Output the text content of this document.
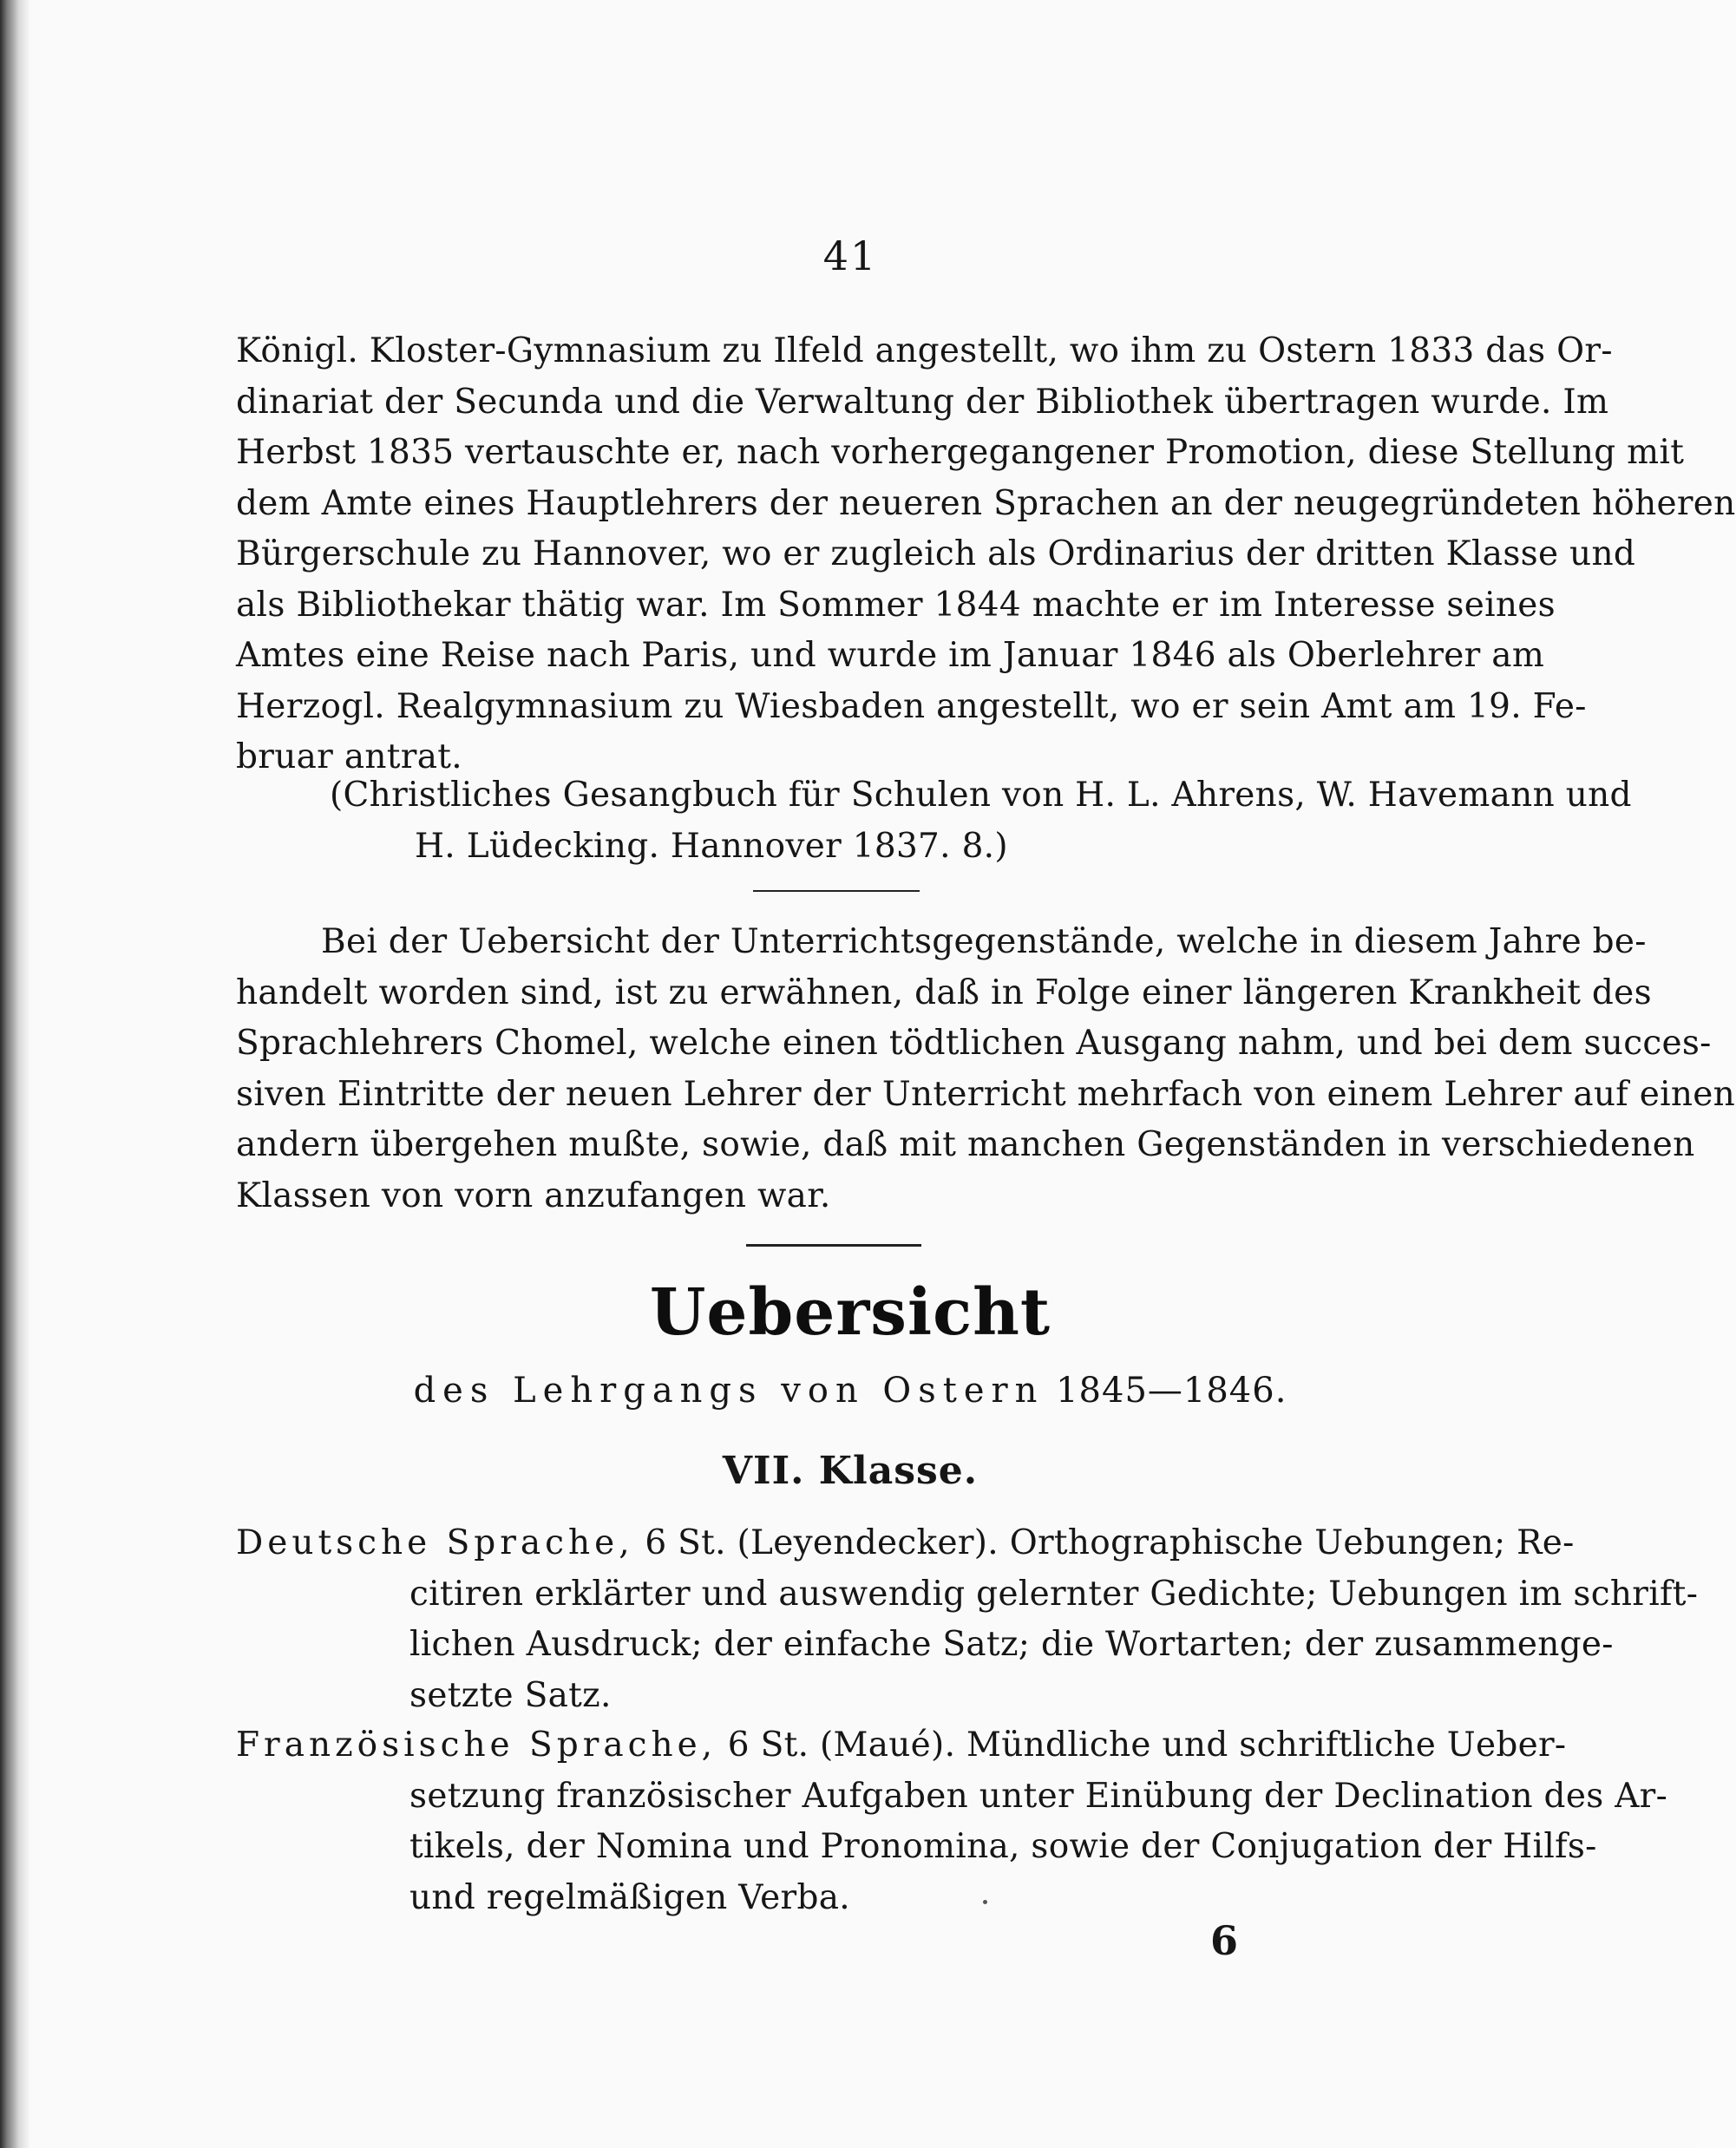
41
Königl. Kloster-Gymnasium zu Ilfeld angestellt, wo ihm zu Ostern 1833 das Or-
dinariat der Secunda und die Verwaltung der Bibliothek übertragen wurde. Im
Herbst 1835 vertauschte er, nach vorhergegangener Promotion, diese Stellung mit
dem Amte eines Hauptlehrers der neueren Sprachen an der neugegründeten höheren
Bürgerschule zu Hannover, wo er zugleich als Ordinarius der dritten Klasse und
als Bibliothekar thätig war. Im Sommer 1844 machte er im Interesse seines
Amtes eine Reise nach Paris, und wurde im Januar 1846 als Oberlehrer am
Herzogl. Realgymnasium zu Wiesbaden angestellt, wo er sein Amt am 19. Fe-
bruar antrat.
(Christliches Gesangbuch für Schulen von H. L. Ahrens, W. Havemann und
H. Lüdecking. Hannover 1837. 8.)
Bei der Uebersicht der Unterrichtsgegenstände, welche in diesem Jahre be-
handelt worden sind, ist zu erwähnen, daß in Folge einer längeren Krankheit des
Sprachlehrers Chomel, welche einen tödtlichen Ausgang nahm, und bei dem succes-
siven Eintritte der neuen Lehrer der Unterricht mehrfach von einem Lehrer auf einen
andern übergehen mußte, sowie, daß mit manchen Gegenständen in verschiedenen
Klassen von vorn anzufangen war.
Uebersicht
des Lehrgangs von Ostern 1845—1846.
VII. Klasse.
Deutsche Sprache, 6 St. (Leyendecker). Orthographische Uebungen; Re-
citiren erklärter und auswendig gelernter Gedichte; Uebungen im schrift-
lichen Ausdruck; der einfache Satz; die Wortarten; der zusammenge-
setzte Satz.
Französische Sprache, 6 St. (Maué). Mündliche und schriftliche Ueber-
setzung französischer Aufgaben unter Einübung der Declination des Ar-
tikels, der Nomina und Pronomina, sowie der Conjugation der Hilfs-
und regelmäßigen Verba.
6
